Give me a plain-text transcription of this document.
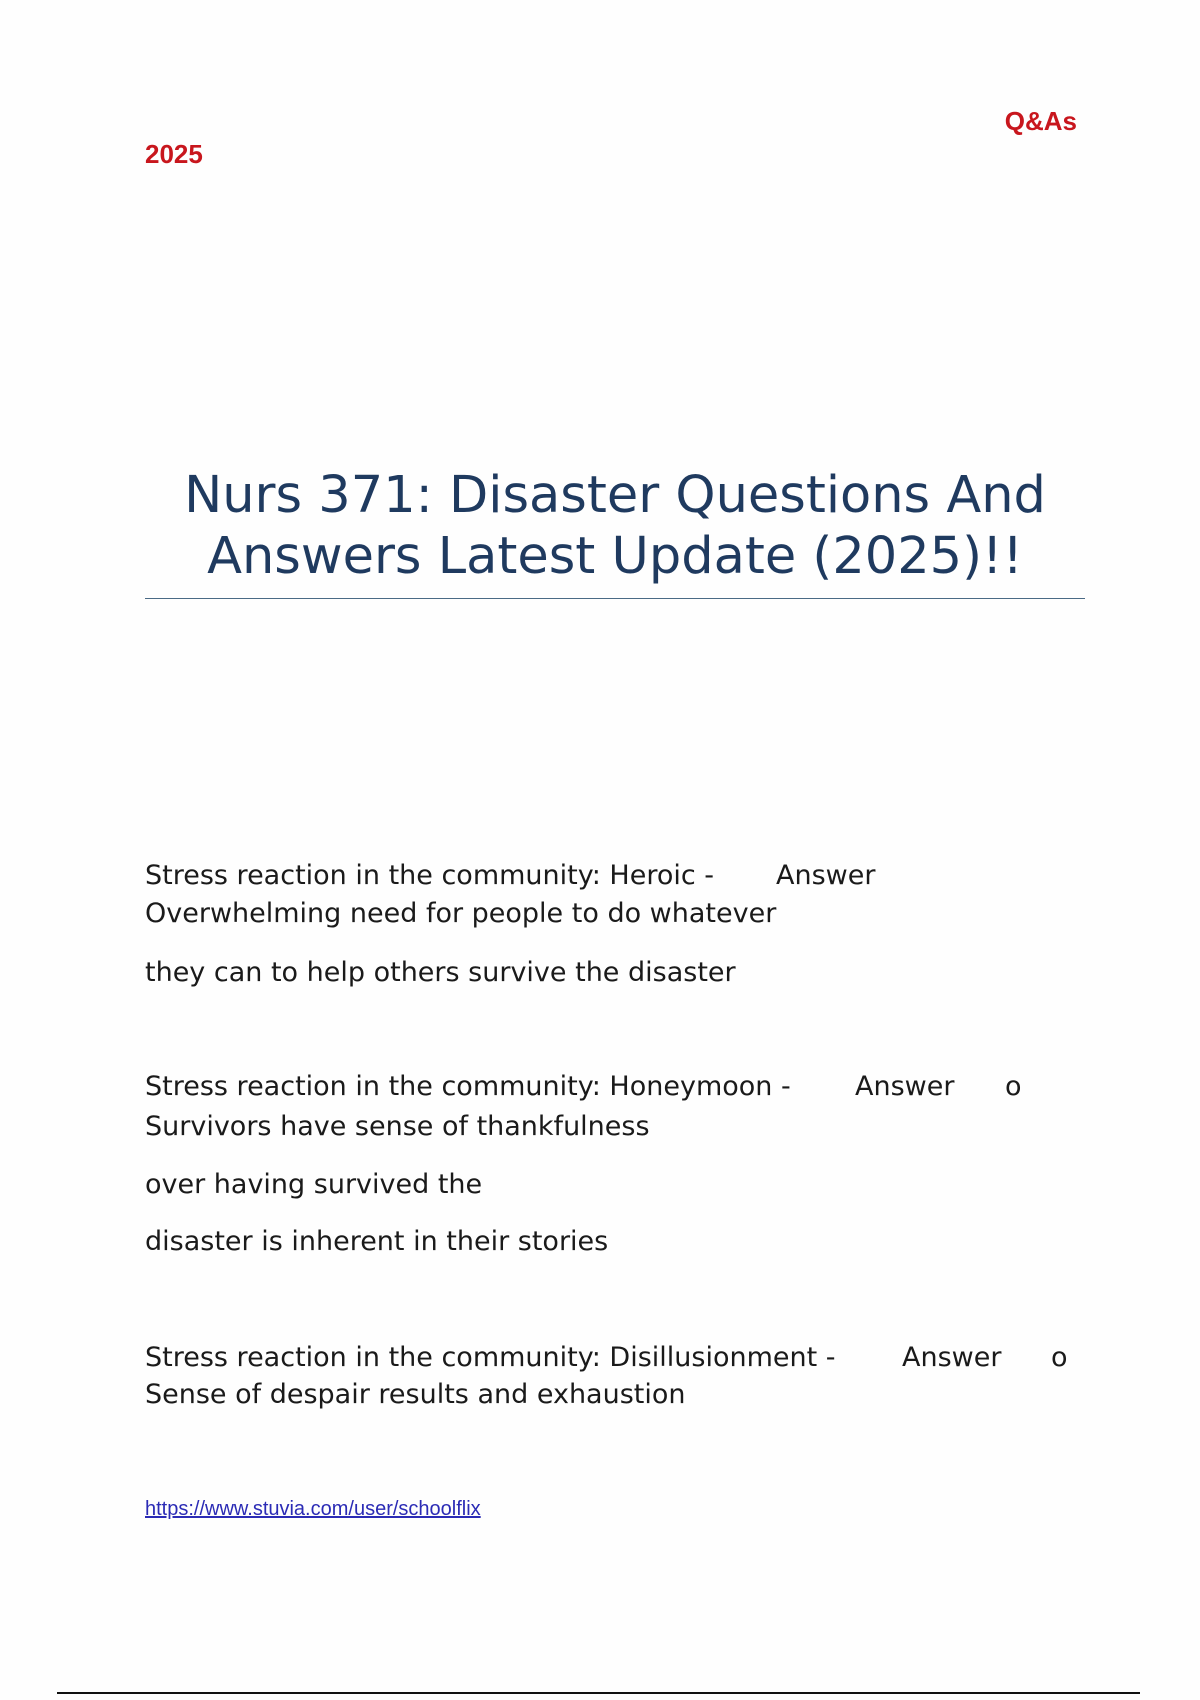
Q&As
2025
Nurs 371: Disaster Questions And
Answers Latest Update (2025)!!
Stress reaction in the community: Heroic - Answer
Overwhelming need for people to do whatever
they can to help others survive the disaster
Stress reaction in the community: Honeymoon - Answer o
Survivors have sense of thankfulness
over having survived the
disaster is inherent in their stories
Stress reaction in the community: Disillusionment - Answer o
Sense of despair results and exhaustion
https://www.stuvia.com/user/schoolflix
